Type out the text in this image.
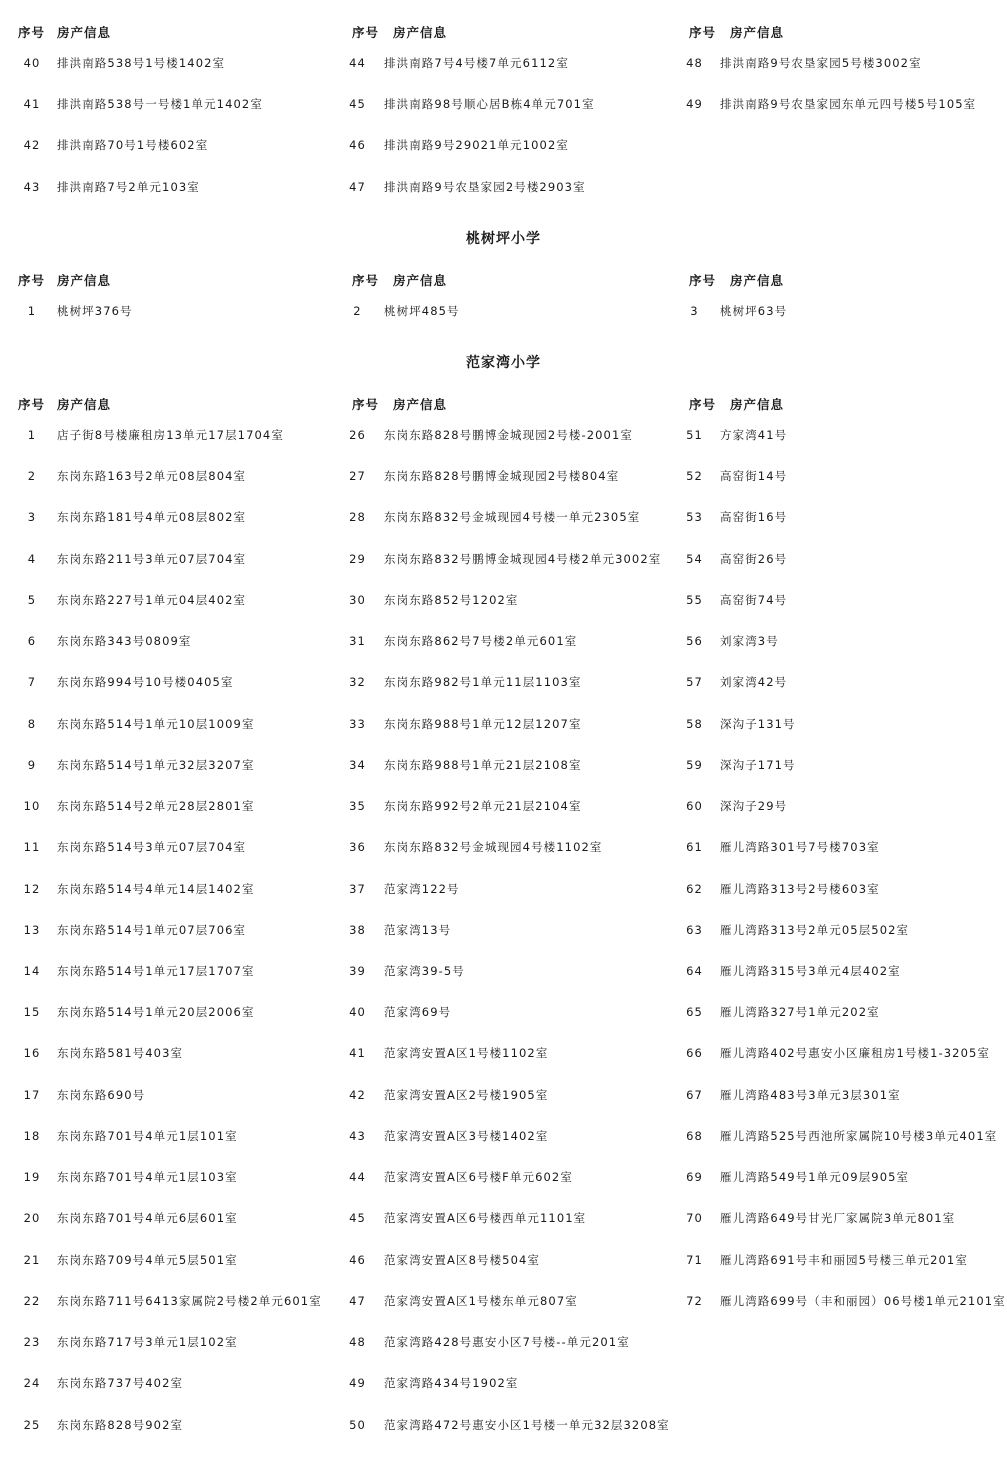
序号 房产信息
40	排洪南路538号1号楼1402室
41	排洪南路538号一号楼1单元1402室
42	排洪南路70号1号楼602室
43	排洪南路7号2单元103室
序号 房产信息
44	排洪南路7号4号楼7单元6112室
45	排洪南路98号顺心居B栋4单元701室
46	排洪南路9号29021单元1002室
47	排洪南路9号农垦家园2号楼2903室
序号 房产信息
48	排洪南路9号农垦家园5号楼3002室
49	排洪南路9号农垦家园东单元四号楼5号105室
桃树坪小学
序号 房产信息
1	桃树坪376号
序号 房产信息
2	桃树坪485号
序号 房产信息
3	桃树坪63号
范家湾小学
序号 房产信息
1	店子街8号楼廉租房13单元17层1704室
2	东岗东路163号2单元08层804室
3	东岗东路181号4单元08层802室
4	东岗东路211号3单元07层704室
5	东岗东路227号1单元04层402室
6	东岗东路343号0809室
7	东岗东路994号10号楼0405室
8	东岗东路514号1单元10层1009室
9	东岗东路514号1单元32层3207室
10	东岗东路514号2单元28层2801室
11	东岗东路514号3单元07层704室
12	东岗东路514号4单元14层1402室
13	东岗东路514号1单元07层706室
14	东岗东路514号1单元17层1707室
15	东岗东路514号1单元20层2006室
16	东岗东路581号403室
17	东岗东路690号
18	东岗东路701号4单元1层101室
19	东岗东路701号4单元1层103室
20	东岗东路701号4单元6层601室
21	东岗东路709号4单元5层501室
22	东岗东路711号6413家属院2号楼2单元601室
23	东岗东路717号3单元1层102室
24	东岗东路737号402室
25	东岗东路828号902室
序号 房产信息
26	东岗东路828号鹏博金城现园2号楼-2001室
27	东岗东路828号鹏博金城现园2号楼804室
28	东岗东路832号金城现园4号楼一单元2305室
29	东岗东路832号鹏博金城现园4号楼2单元3002室
30	东岗东路852号1202室
31	东岗东路862号7号楼2单元601室
32	东岗东路982号1单元11层1103室
33	东岗东路988号1单元12层1207室
34	东岗东路988号1单元21层2108室
35	东岗东路992号2单元21层2104室
36	东岗东路832号金城现园4号楼1102室
37	范家湾122号
38	范家湾13号
39	范家湾39-5号
40	范家湾69号
41	范家湾安置A区1号楼1102室
42	范家湾安置A区2号楼1905室
43	范家湾安置A区3号楼1402室
44	范家湾安置A区6号楼F单元602室
45	范家湾安置A区6号楼西单元1101室
46	范家湾安置A区8号楼504室
47	范家湾安置A区1号楼东单元807室
48	范家湾路428号惠安小区7号楼--单元201室
49	范家湾路434号1902室
50	范家湾路472号惠安小区1号楼一单元32层3208室
序号 房产信息
51	方家湾41号
52	高窑街14号
53	高窑街16号
54	高窑街26号
55	高窑街74号
56	刘家湾3号
57	刘家湾42号
58	深沟子131号
59	深沟子171号
60	深沟子29号
61	雁儿湾路301号7号楼703室
62	雁儿湾路313号2号楼603室
63	雁儿湾路313号2单元05层502室
64	雁儿湾路315号3单元4层402室
65	雁儿湾路327号1单元202室
66	雁儿湾路402号惠安小区廉租房1号楼1-3205室
67	雁儿湾路483号3单元3层301室
68	雁儿湾路525号西池所家属院10号楼3单元401室
69	雁儿湾路549号1单元09层905室
70	雁儿湾路649号甘光厂家属院3单元801室
71	雁儿湾路691号丰和丽园5号楼三单元201室
72	雁儿湾路699号（丰和丽园）06号楼1单元2101室
